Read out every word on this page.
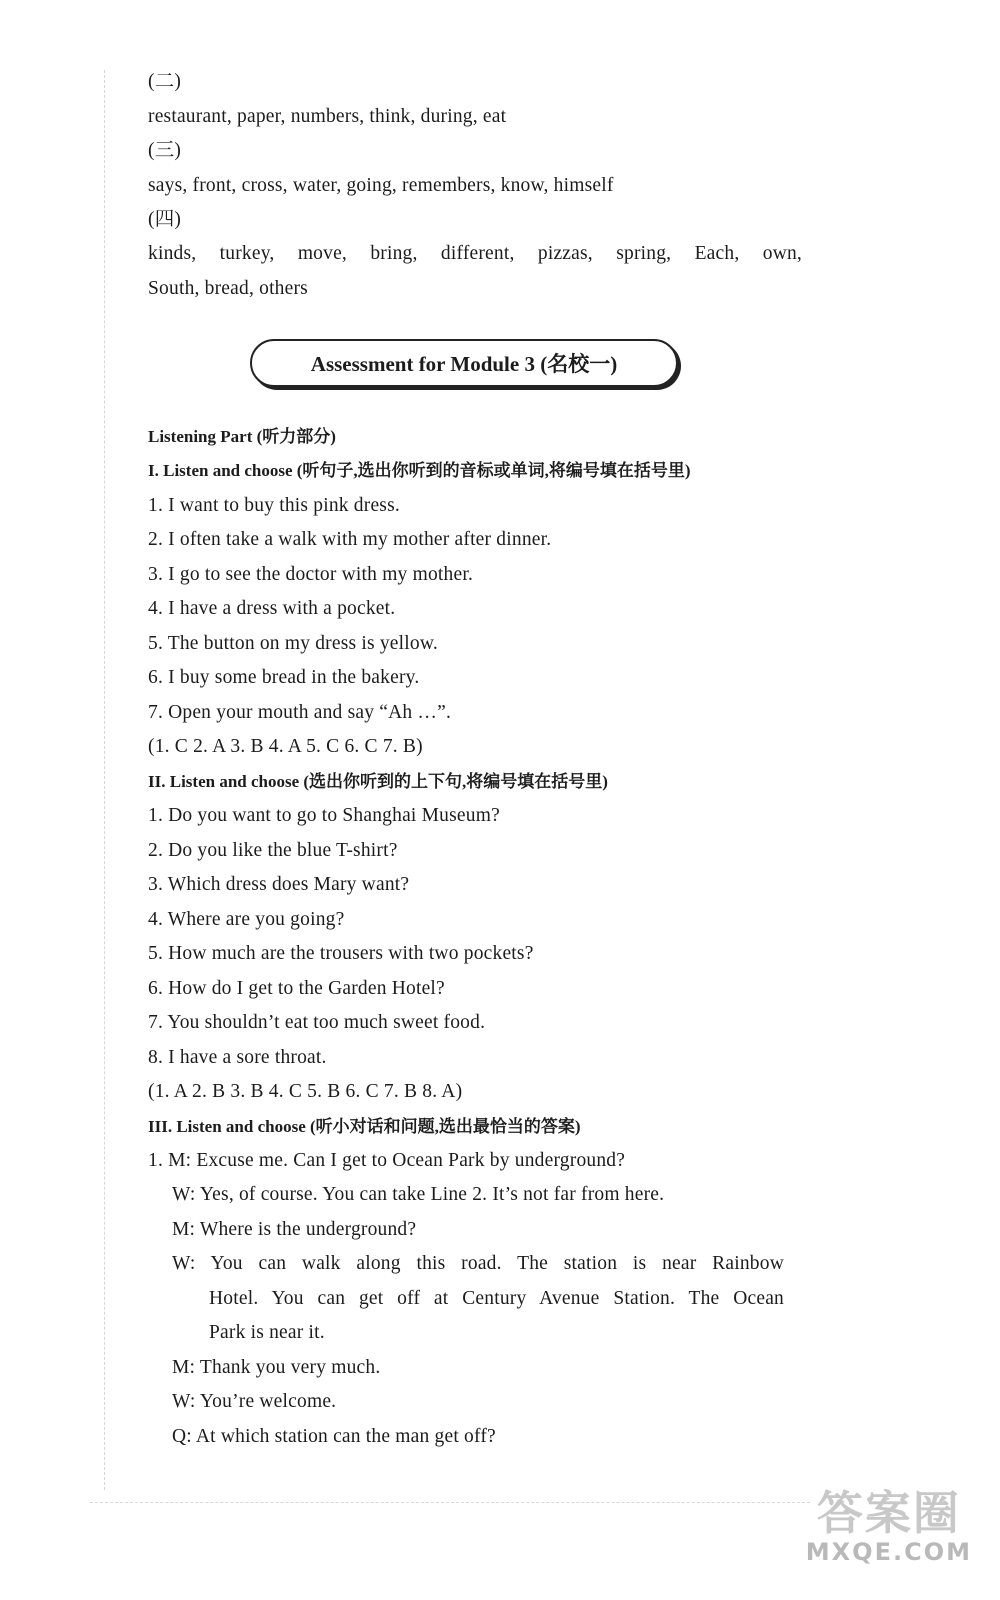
(二)
restaurant, paper, numbers, think, during, eat
(三)
says, front, cross, water, going, remembers, know, himself
(四)
kinds, turkey, move, bring, different, pizzas, spring, Each, own,
South, bread, others
Listening Part (听力部分)
I. Listen and choose (听句子,选出你听到的音标或单词,将编号填在括号里)
1. I want to buy this pink dress.
2. I often take a walk with my mother after dinner.
3. I go to see the doctor with my mother.
4. I have a dress with a pocket.
5. The button on my dress is yellow.
6. I buy some bread in the bakery.
7. Open your mouth and say “Ah …”.
(1. C 2. A 3. B 4. A 5. C 6. C 7. B)
II. Listen and choose (选出你听到的上下句,将编号填在括号里)
1. Do you want to go to Shanghai Museum?
2. Do you like the blue T-shirt?
3. Which dress does Mary want?
4. Where are you going?
5. How much are the trousers with two pockets?
6. How do I get to the Garden Hotel?
7. You shouldn’t eat too much sweet food.
8. I have a sore throat.
(1. A 2. B 3. B 4. C 5. B 6. C 7. B 8. A)
III. Listen and choose (听小对话和问题,选出最恰当的答案)
1. M: Excuse me. Can I get to Ocean Park by underground?
W: Yes, of course. You can take Line 2. It’s not far from here.
M: Where is the underground?
W: You can walk along this road. The station is near Rainbow
Hotel. You can get off at Century Avenue Station. The Ocean
Park is near it.
M: Thank you very much.
W: You’re welcome.
Q: At which station can the man get off?
Assessment for Module 3 (名校一)
答案圈
MXQE.COM
